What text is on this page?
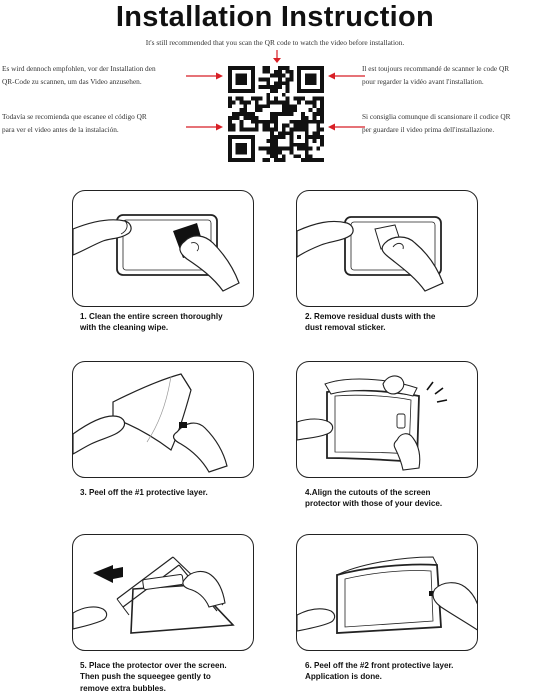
Installation Instruction
It's still recommended that you scan the QR code to watch the video before installation.
Es wird dennoch empfohlen, vor der Installation den
QR-Code zu scannen, um das Video anzusehen.
Todavía se recomienda que escanee el código QR
para ver el video antes de la instalación.
Il est toujours recommandé de scanner le code QR
pour regarder la vidéo avant l'installation.
Si consiglia comunque di scansionare il codice QR
per guardare il video prima dell'installazione.
1. Clean the entire screen thoroughly
with the cleaning wipe.
2. Remove residual dusts with the
dust removal sticker.
3. Peel off the #1 protective layer.	4.Align the cutouts of the screen
protector with those of your device.
5. Place the protector over the screen.
Then push the squeegee gently to
remove extra bubbles.
6. Peel off the #2 front protective layer.
Application is done.
